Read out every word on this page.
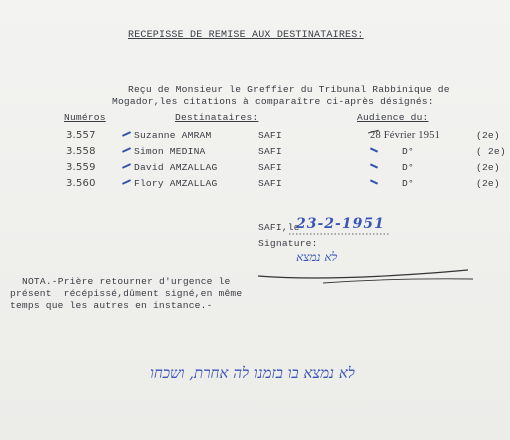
RECEPISSE DE REMISE AUX DESTINATAIRES:
Reçu de Monsieur le Greffier du Tribunal Rabbinique de
Mogador,les citations à comparaître ci-après désignés:
Numéros	Destinataires:	Audience du:
3.557	Suzanne AMRAM	SAFI	28 Février 1951	(2e)
3.558	Simon MEDINA	SAFI	D°	( 2e)
3.559	David AMZALLAG	SAFI	D°	(2e)
3.560	Flory AMZALLAG	SAFI	D°	(2e)
SAFI,le
23-2-1951
Signature:
לא נמצא
NOTA.-Prière retourner d'urgence le
présent  récépissé,dûment signé,en même
temps que les autres en instance.-
לא נמצא בו בזמנו לה אחרת, ושכחו
